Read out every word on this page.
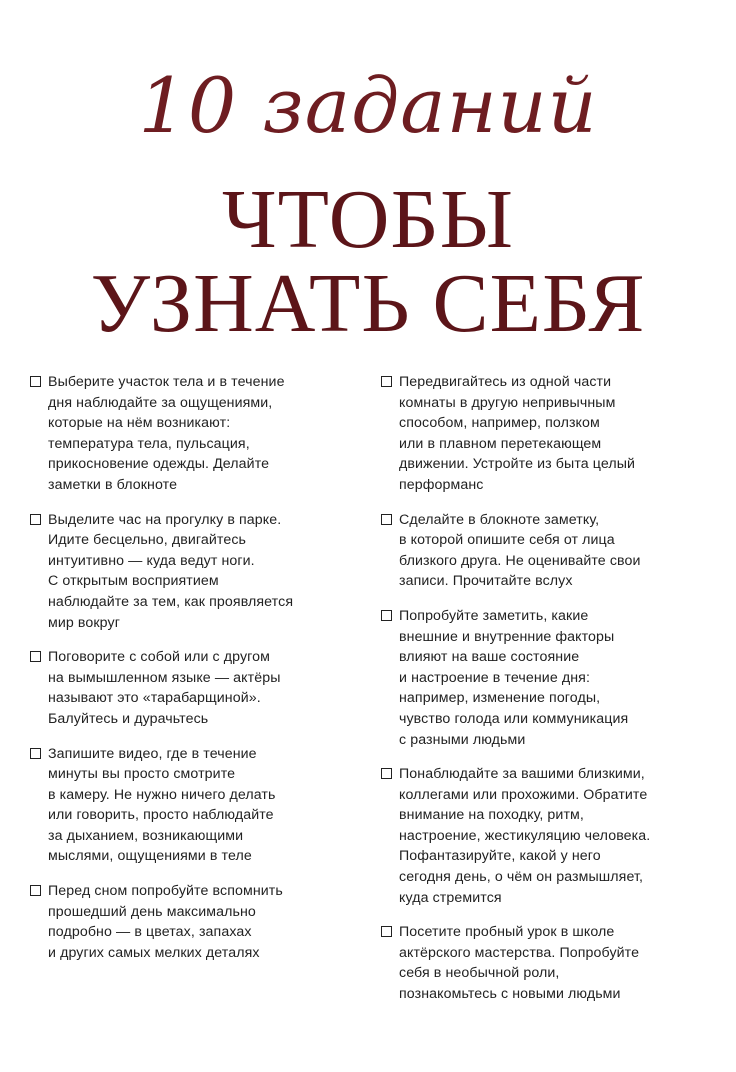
10 заданий
ЧТОБЫ
УЗНАТЬ СЕБЯ
Выберите участок тела и в течение
дня наблюдайте за ощущениями,
которые на нём возникают:
температура тела, пульсация,
прикосновение одежды. Делайте
заметки в блокноте
Выделите час на прогулку в парке.
Идите бесцельно, двигайтесь
интуитивно — куда ведут ноги.
С открытым восприятием
наблюдайте за тем, как проявляется
мир вокруг
Поговорите с собой или с другом
на вымышленном языке — актёры
называют это «тарабарщиной».
Балуйтесь и дурачьтесь
Запишите видео, где в течение
минуты вы просто смотрите
в камеру. Не нужно ничего делать
или говорить, просто наблюдайте
за дыханием, возникающими
мыслями, ощущениями в теле
Перед сном попробуйте вспомнить
прошедший день максимально
подробно — в цветах, запахах
и других самых мелких деталях
Передвигайтесь из одной части
комнаты в другую непривычным
способом, например, ползком
или в плавном перетекающем
движении. Устройте из быта целый
перформанс
Сделайте в блокноте заметку,
в которой опишите себя от лица
близкого друга. Не оценивайте свои
записи. Прочитайте вслух
Попробуйте заметить, какие
внешние и внутренние факторы
влияют на ваше состояние
и настроение в течение дня:
например, изменение погоды,
чувство голода или коммуникация
с разными людьми
Понаблюдайте за вашими близкими,
коллегами или прохожими. Обратите
внимание на походку, ритм,
настроение, жестикуляцию человека.
Пофантазируйте, какой у него
сегодня день, о чём он размышляет,
куда стремится
Посетите пробный урок в школе
актёрского мастерства. Попробуйте
себя в необычной роли,
познакомьтесь с новыми людьми
